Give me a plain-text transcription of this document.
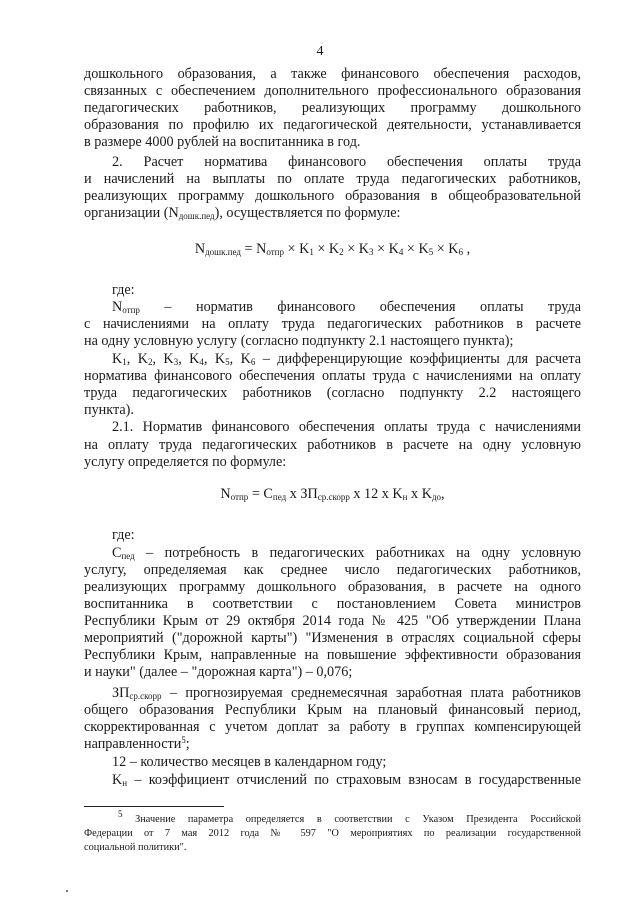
4
дошкольного образования, а также финансового обеспечения расходов,
связанных с обеспечением дополнительного профессионального образования
педагогических работников, реализующих программу дошкольного
образования по профилю их педагогической деятельности, устанавливается
в размере 4000 рублей на воспитанника в год.
2. Расчет норматива финансового обеспечения оплаты труда
и начислений на выплаты по оплате труда педагогических работников,
реализующих программу дошкольного образования в общеобразовательной
организации $(N_{дошк.пед})$, осуществляется по формуле:
$N_{дошк.пед} = N_{отпр} \times K_1 \times K_2 \times K_3 \times K_4 \times K_5 \times K_6$ ,
где:
$N_{отпр}$ – норматив финансового обеспечения оплаты труда
с начислениями на оплату труда педагогических работников в расчете
на одну условную услугу (согласно подпункту 2.1 настоящего пункта);
$K_1$, $K_2$, $K_3$, $K_4$, $K_5$, $K_6$ – дифференцирующие коэффициенты для расчета
норматива финансового обеспечения оплаты труда с начислениями на оплату
труда педагогических работников (согласно подпункту 2.2 настоящего
пункта).
2.1. Норматив финансового обеспечения оплаты труда с начислениями
на оплату труда педагогических работников в расчете на одну условную
услугу определяется по формуле:
$N_{отпр} = С_{пед}$ х $ЗП_{ср.скорр}$ х 12 х $K_н$ х $K_{до}$,
где:
$С_{пед}$ – потребность в педагогических работниках на одну условную
услугу, определяемая как среднее число педагогических работников,
реализующих программу дошкольного образования, в расчете на одного
воспитанника в соответствии с постановлением Совета министров
Республики Крым от 29 октября 2014 года № 425 "Об утверждении Плана
мероприятий ("дорожной карты") "Изменения в отраслях социальной сферы
Республики Крым, направленные на повышение эффективности образования
и науки" (далее – "дорожная карта") – 0,076;
$ЗП_{ср.скорр}$ – прогнозируемая среднемесячная заработная плата работников
общего образования Республики Крым на плановый финансовый период,
скорректированная с учетом доплат за работу в группах компенсирующей
направленности$^5$;
12 – количество месяцев в календарном году;
$K_н$ – коэффициент отчислений по страховым взносам в государственные
$^5$ Значение параметра определяется в соответствии с Указом Президента Российской
Федерации от 7 мая 2012 года № 597 "О мероприятиях по реализации государственной
социальной политики".
